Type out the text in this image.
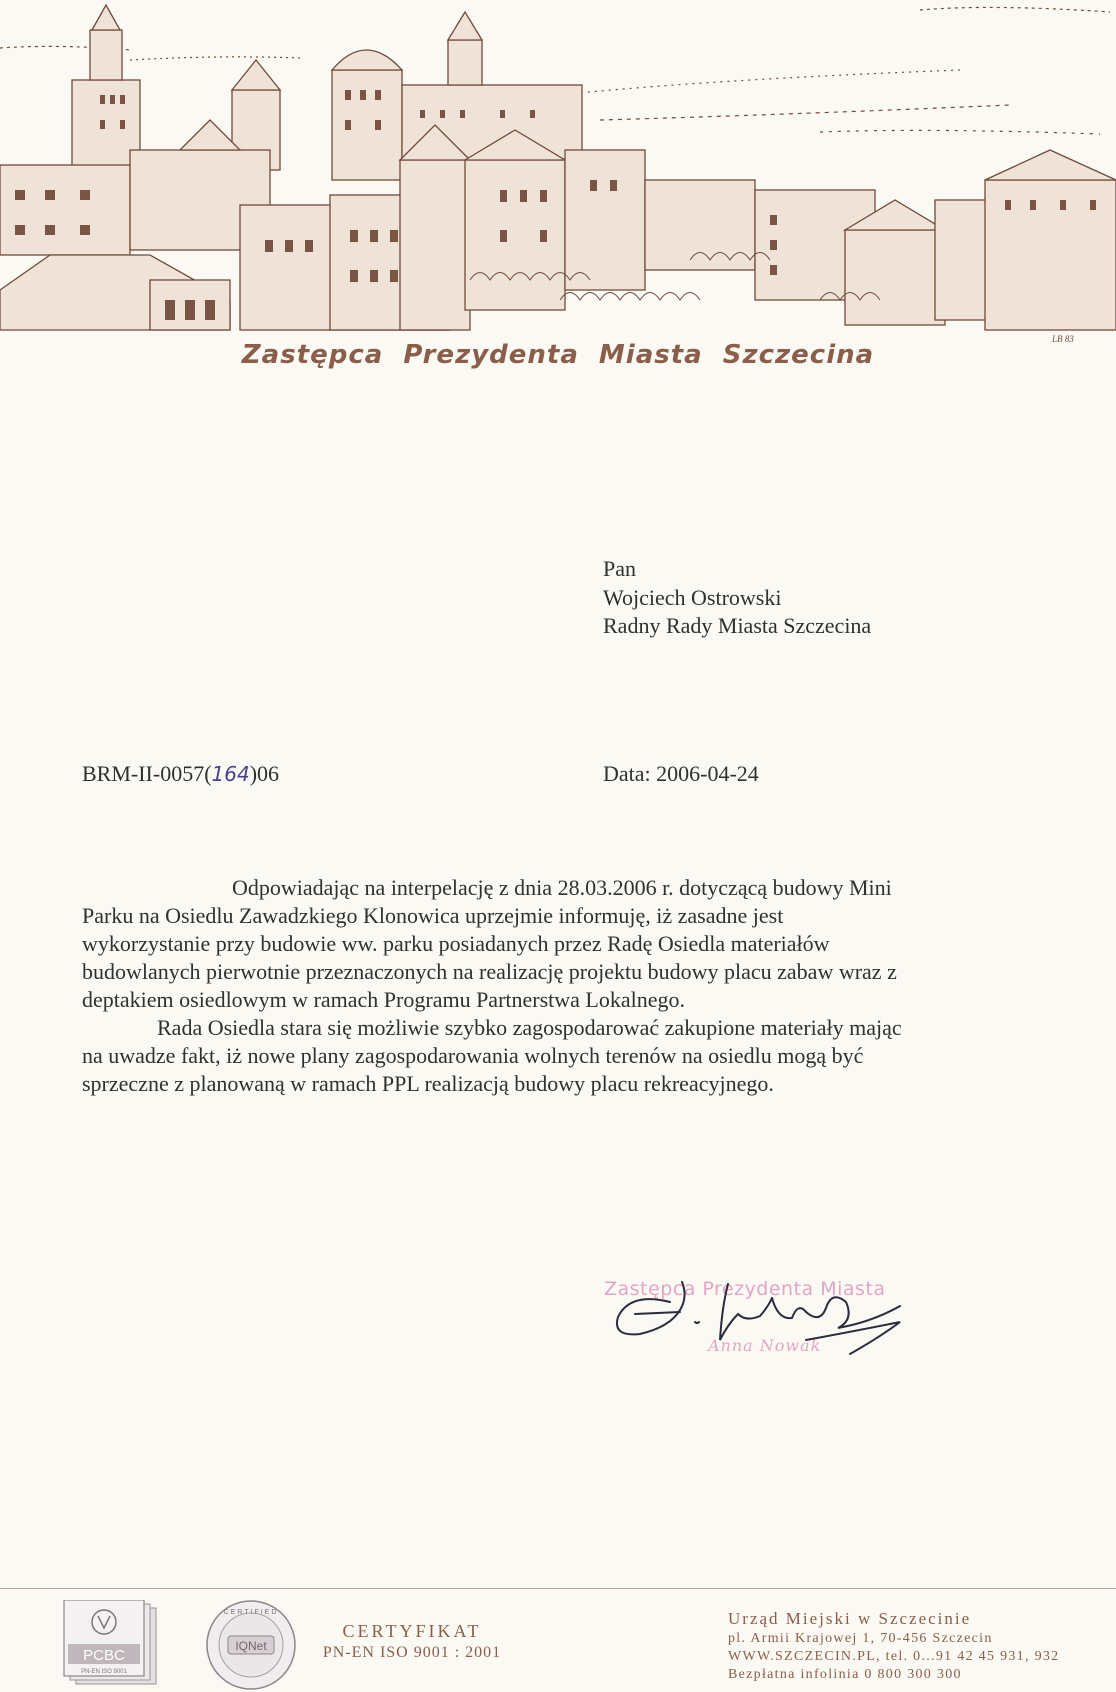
LB 83
Zastępca Prezydenta Miasta Szczecina
Pan
Wojciech Ostrowski
Radny Rady Miasta Szczecina
BRM-II-0057(164)06	Data: 2006-04-24
Odpowiadając na interpelację z dnia 28.03.2006 r. dotyczącą budowy Mini
Parku na Osiedlu Zawadzkiego Klonowica uprzejmie informuję, iż zasadne jest
wykorzystanie przy budowie ww. parku posiadanych przez Radę Osiedla materiałów
budowlanych pierwotnie przeznaczonych na realizację projektu budowy placu zabaw wraz z
deptakiem osiedlowym w ramach Programu Partnerstwa Lokalnego.
Rada Osiedla stara się możliwie szybko zagospodarować zakupione materiały mając
na uwadze fakt, iż nowe plany zagospodarowania wolnych terenów na osiedlu mogą być
sprzeczne z planowaną w ramach PPL realizacją budowy placu rekreacyjnego.
Zastępca Prezydenta Miasta
Anna Nowak
PCBC
PN-EN ISO 9001
IQNet
CERTIFIED
CERTYFIKAT
PN-EN ISO 9001 : 2001
Urząd Miejski w Szczecinie
pl. Armii Krajowej 1, 70-456 Szczecin
WWW.SZCZECIN.PL, tel. 0...91 42 45 931, 932
Bezpłatna infolinia 0 800 300 300
